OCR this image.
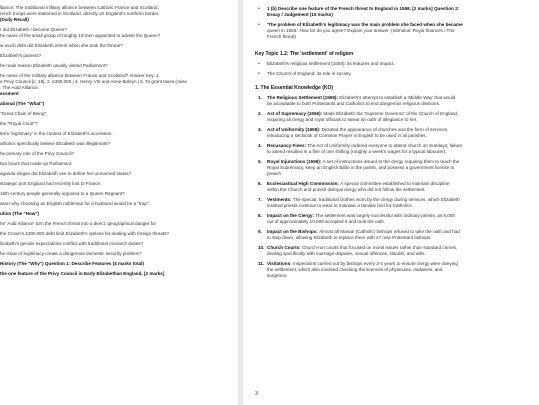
lliance: The traditional military alliance between Catholic France and Scotland,
rench troops were stationed in Scotland, directly on England's northern border.
(Daily Recall)
r did Elizabeth I become Queen?
he name of the small group of roughly 19 men appointed to advise the Queen?
w much debt did Elizabeth inherit when she took the throne?
Elizabeth's parents?
he main reason Elizabeth usually visited Parliament?
he name of the military alliance between France and Scotland? Answer Key: 1
e Privy Council [c. 19], 3. £300,000 | 4. Henry VIII and Anne Boleyn | 5. To grant taxes (raise
. The Auld Alliance.
essment
ational (The "What")
"Great Chain of Being".
the "Royal Court"?
term 'legitimacy' in the context of Elizabeth's accession.
atholics specifically believe Elizabeth was illegitimate?
he primary role of the Privy Council?
two hours that made up Parliament.
aganda slogan did Elizabeth use to define her unmarried status?
strategic port England had recently lost to France.
16th-century people generally opposed to a Queen Regnant?
ason why choosing an English nobleman for a husband would be a "trap".
ution (The "How")
he 'Auld Alliance' turn the French threat into a direct, geographical danger for
the Crown's £300,000 debt limit Elizabeth's options for dealing with foreign threats?
lizabeth's gender expectations conflict with traditional monarch duties?
he issue of legitimacy create a dangerous domestic security problem?
History (The "Why") Question 1: Describe Features (4 marks total)
the one feature of the Privy Council in Early Elizabethan England. [2 marks]
• 1 (b) Describe one feature of the French threat to England in 1558. [2 marks] Question 2:
Essay / Judgement (16 marks)
• 'The problem of Elizabeth's legitimacy was the main problem she faced when she became
queen in 1558.' How far do you agree? Explain your answer. (Stimulus: Royal finances / The
French threat)
Key Topic 1.2: The 'settlement' of religion
• Elizabeth's religious settlement (1559): its features and impact.
• The Church of England: its role in society.
1. The Essential Knowledge (KO)
1. The Religious Settlement (1559): Elizabeth's attempt to establish a 'Middle Way' that would
be acceptable to both Protestants and Catholics to end dangerous religious divisions.
2. Act of Supremacy (1559): Made Elizabeth the 'Supreme Governor' of the Church of England,
requiring all clergy and royal officials to swear an oath of allegiance to her.
3. Act of Uniformity (1559): Dictated the appearance of churches and the form of services,
introducing a set Book of Common Prayer in English to be used in all parishes.
4. Recusancy Fines: The Act of Uniformity ordered everyone to attend church on Sundays; failure
to attend resulted in a fine of one shilling (roughly a week's wages for a typical labourer).
5. Royal Injunctions (1559): A set of instructions issued to the clergy requiring them to teach the
Royal Supremacy, keep an English Bible in the parish, and possess a government license to
preach.
6. Ecclesiastical High Commission: A special committee established to maintain discipline
within the Church and punish disloyal clergy who did not follow the settlement.
7. Vestments: The special, traditional clothes worn by the clergy during services, which Elizabeth
insisted priests continue to wear to maintain a familiar feel for Catholics.
8. Impact on the Clergy: The settlement was largely successful with ordinary priests, as 8,000
out of approximately 10,000 accepted it and took the oath.
9. Impact on the Bishops: Almost all Marian (Catholic) bishops refused to take the oath and had
to step down, allowing Elizabeth to replace them with 27 new Protestant bishops.
10. Church Courts: Church-run courts that focused on moral issues rather than standard crimes,
dealing specifically with marriage disputes, sexual offences, slander, and wills.
11. Visitations: Inspections carried out by bishops every 3-4 years to ensure clergy were obeying
the settlement, which also involved checking the licences of physicians, midwives, and
surgeons.
3
